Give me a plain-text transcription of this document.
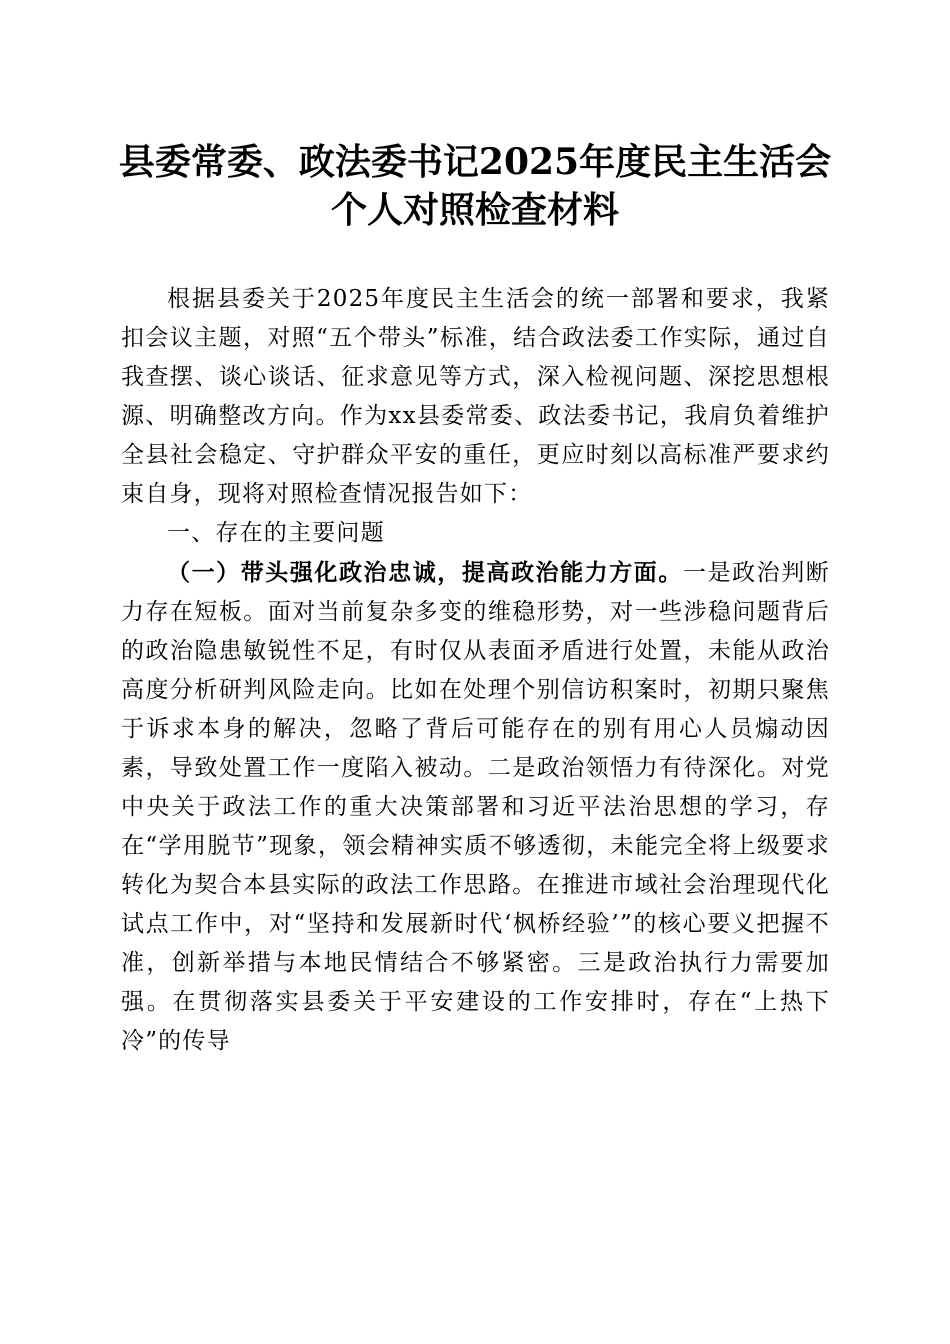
县委常委、政法委书记2025年度民主生活会
个人对照检查材料

根据县委关于2025年度民主生活会的统一部署和要求，我紧扣会议主题，对照“五个带头”标准，结合政法委工作实际，通过自我查摆、谈心谈话、征求意见等方式，深入检视问题、深挖思想根源、明确整改方向。作为xx县委常委、政法委书记，我肩负着维护全县社会稳定、守护群众平安的重任，更应时刻以高标准严要求约束自身，现将对照检查情况报告如下：

一、存在的主要问题

（一）带头强化政治忠诚，提高政治能力方面。一是政治判断力存在短板。面对当前复杂多变的维稳形势，对一些涉稳问题背后的政治隐患敏锐性不足，有时仅从表面矛盾进行处置，未能从政治高度分析研判风险走向。比如在处理个别信访积案时，初期只聚焦于诉求本身的解决，忽略了背后可能存在的别有用心人员煽动因素，导致处置工作一度陷入被动。二是政治领悟力有待深化。对党中央关于政法工作的重大决策部署和习近平法治思想的学习，存在“学用脱节”现象，领会精神实质不够透彻，未能完全将上级要求转化为契合本县实际的政法工作思路。在推进市域社会治理现代化试点工作中，对“坚持和发展新时代‘枫桥经验’”的核心要义把握不准，创新举措与本地民情结合不够紧密。三是政治执行力需要加强。在贯彻落实县委关于平安建设的工作安排时，存在“上热下冷”的传导
